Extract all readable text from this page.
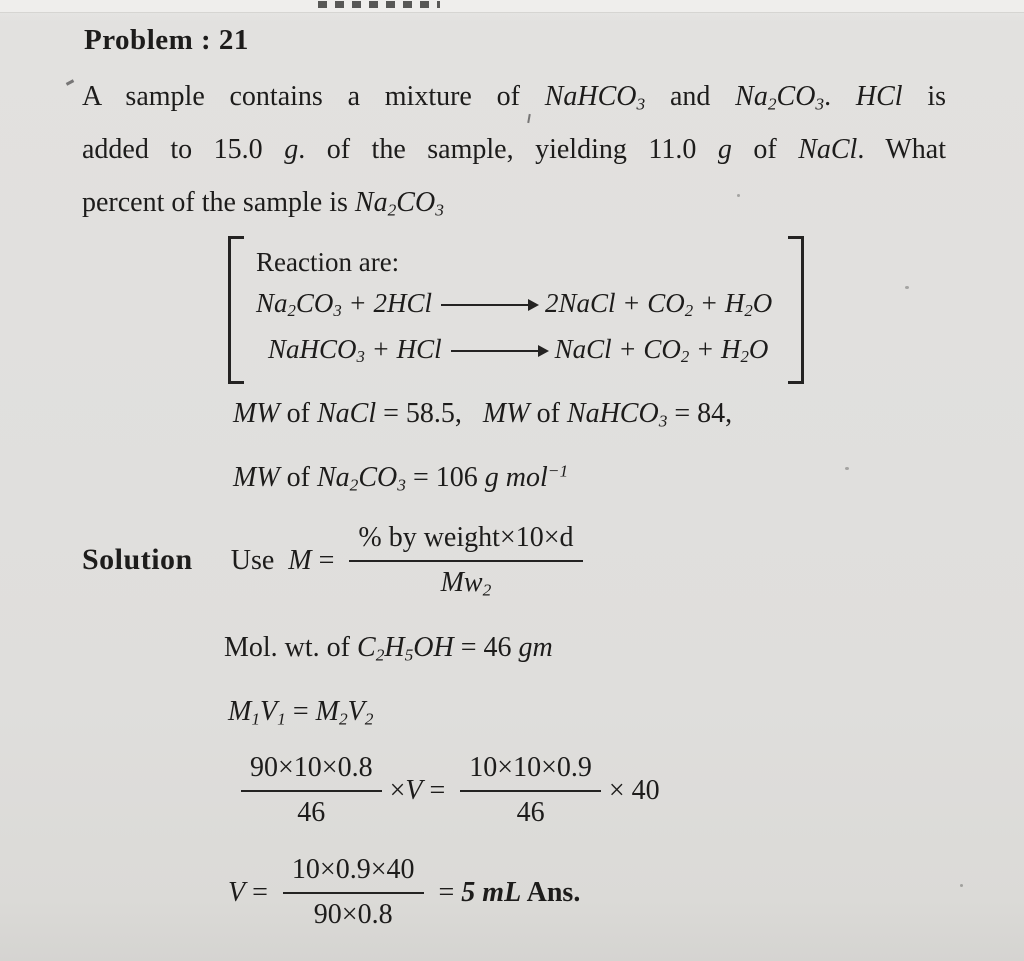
Problem : 21
A sample contains a mixture of NaHCO$_3$ and $Na_2CO_3$. HCl is
added to 15.0 g. of the sample, yielding 11.0 g of NaCl. What
percent of the sample is $Na_2CO_3$
Reaction are:
$Na_2CO_3 + 2HCl$	2NaCl + $CO_2 + H_2O$
NaHCO$_3$ + HCl	NaCl + $CO_2 + H_2O$
MW of NaCl = 58.5,  MW of NaHCO$_3$ = 84,
MW of $Na_2CO_3 = 106$ g mol$^{-1}$
Solution Use $M = \frac{\text{\% by weight×10×d}}{Mw_2}$
Mol. wt. of $C_2H_5OH = 46$ gm
$M_1V_1 = M_2V_2$
$\frac{90\times 10\times 0.8}{46} \times V = \frac{10\times 10\times 0.9}{46} \times 40$
$V = \frac{10\times 0.9\times 40}{90\times 0.8} = 5$ mL Ans.
